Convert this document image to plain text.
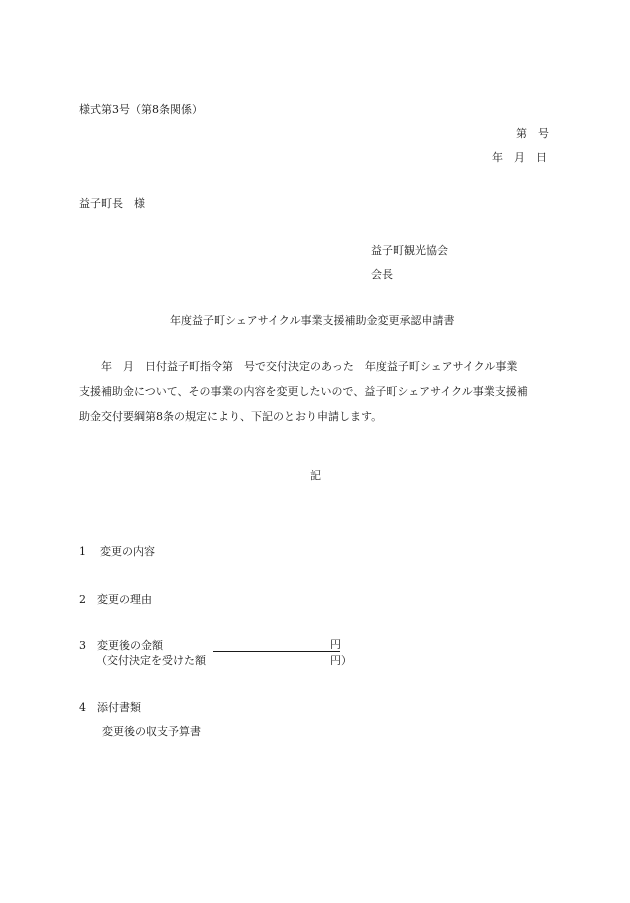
様式第3号（第8条関係）
第　号
年　月　日
益子町長　様
益子町観光協会
会長
年度益子町シェアサイクル事業支援補助金変更承認申請書
　　年　月　日付益子町指令第　号で交付決定のあった　年度益子町シェアサイクル事業
支援補助金について、その事業の内容を変更したいので、益子町シェアサイクル事業支援補
助金交付要綱第8条の規定により、下記のとおり申請します。
記
1 変更の内容
2 変更の理由
3 変更後の金額	円
（交付決定を受けた額	円）
4 添付書類
変更後の収支予算書
